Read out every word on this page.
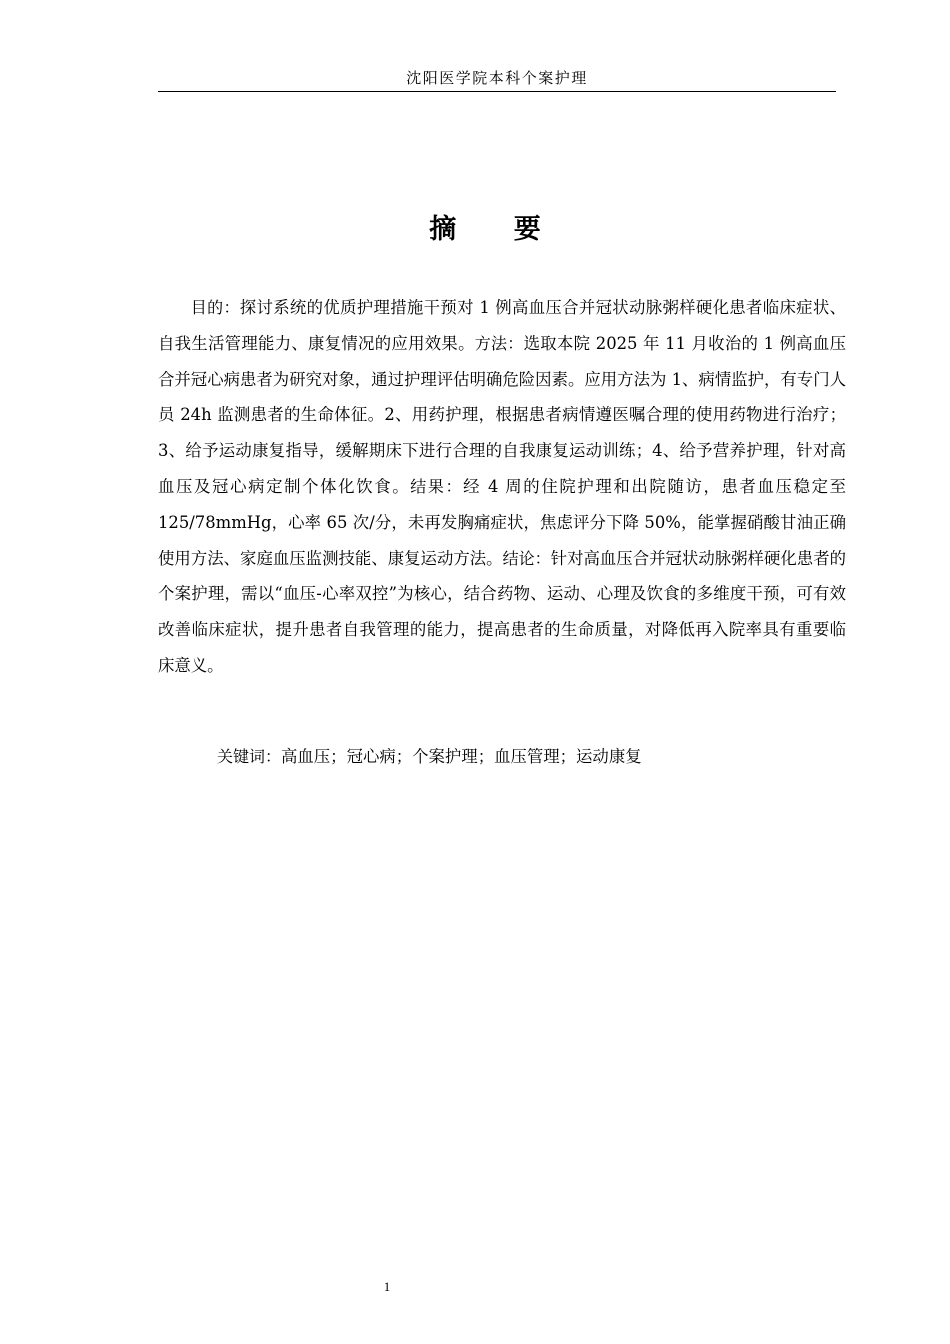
沈阳医学院本科个案护理
摘 要

目的：探讨系统的优质护理措施干预对 1 例高血压合并冠状动脉粥样硬化患者临床症状、自我生活管理能力、康复情况的应用效果。方法：选取本院 2025 年 11 月收治的 1 例高血压合并冠心病患者为研究对象，通过护理评估明确危险因素。应用方法为 1、病情监护，有专门人员 24h 监测患者的生命体征。2、用药护理，根据患者病情遵医嘱合理的使用药物进行治疗；3、给予运动康复指导，缓解期床下进行合理的自我康复运动训练；4、给予营养护理，针对高血压及冠心病定制个体化饮食。结果：经 4 周的住院护理和出院随访，患者血压稳定至 125/78mmHg，心率 65 次/分，未再发胸痛症状，焦虑评分下降 50%，能掌握硝酸甘油正确使用方法、家庭血压监测技能、康复运动方法。结论：针对高血压合并冠状动脉粥样硬化患者的个案护理，需以“血压-心率双控”为核心，结合药物、运动、心理及饮食的多维度干预，可有效改善临床症状，提升患者自我管理的能力，提高患者的生命质量，对降低再入院率具有重要临床意义。

关键词：高血压；冠心病；个案护理；血压管理；运动康复
1
